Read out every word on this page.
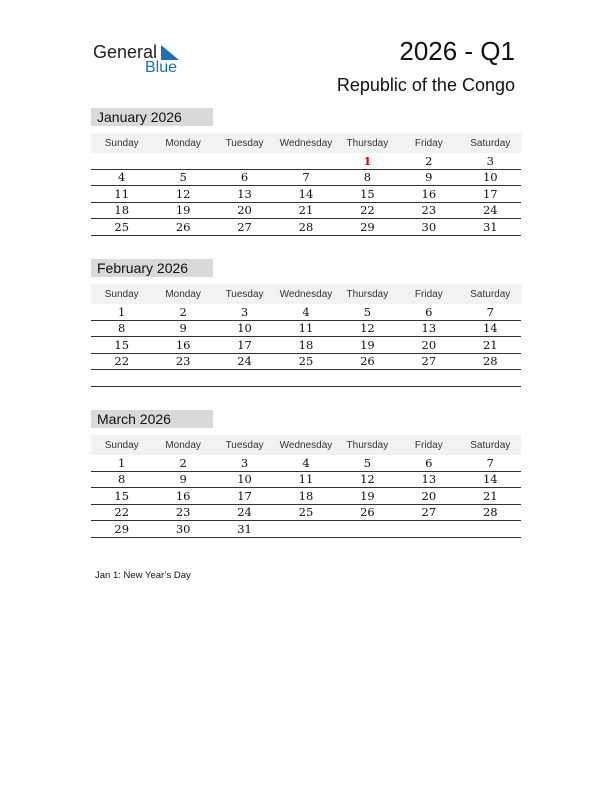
General
Blue
2026 - Q1
Republic of the Congo
January 2026
Sunday	Monday	Tuesday	Wednesday	Thursday	Friday	Saturday
				1	2	3
4	5	6	7	8	9	10
11	12	13	14	15	16	17
18	19	20	21	22	23	24
25	26	27	28	29	30	31
February 2026
Sunday	Monday	Tuesday	Wednesday	Thursday	Friday	Saturday
1	2	3	4	5	6	7
8	9	10	11	12	13	14
15	16	17	18	19	20	21
22	23	24	25	26	27	28

March 2026
Sunday	Monday	Tuesday	Wednesday	Thursday	Friday	Saturday
1	2	3	4	5	6	7
8	9	10	11	12	13	14
15	16	17	18	19	20	21
22	23	24	25	26	27	28
29	30	31				
Jan 1: New Year’s Day
